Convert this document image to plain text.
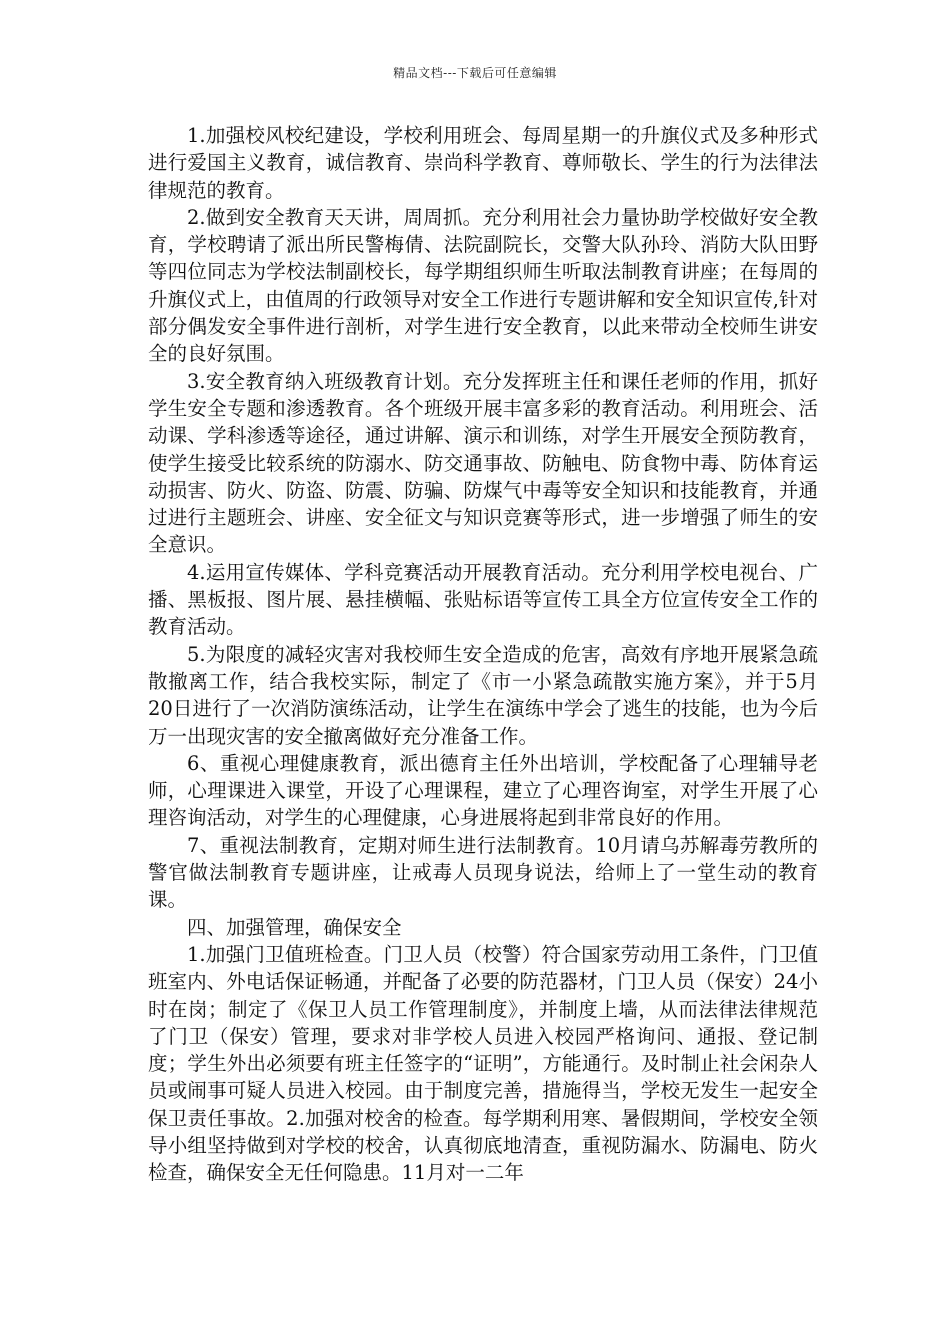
精品文档---下载后可任意编辑

1.加强校风校纪建设，学校利用班会、每周星期一的升旗仪式及多种形式进行爱国主义教育，诚信教育、崇尚科学教育、尊师敬长、学生的行为法律法律规范的教育。

2.做到安全教育天天讲，周周抓。充分利用社会力量协助学校做好安全教育，学校聘请了派出所民警梅倩、法院副院长，交警大队孙玲、消防大队田野等四位同志为学校法制副校长，每学期组织师生听取法制教育讲座；在每周的升旗仪式上，由值周的行政领导对安全工作进行专题讲解和安全知识宣传,针对部分偶发安全事件进行剖析，对学生进行安全教育，以此来带动全校师生讲安全的良好氛围。

3.安全教育纳入班级教育计划。充分发挥班主任和课任老师的作用，抓好学生安全专题和渗透教育。各个班级开展丰富多彩的教育活动。利用班会、活动课、学科渗透等途径，通过讲解、演示和训练，对学生开展安全预防教育，使学生接受比较系统的防溺水、防交通事故、防触电、防食物中毒、防体育运动损害、防火、防盗、防震、防骗、防煤气中毒等安全知识和技能教育，并通过进行主题班会、讲座、安全征文与知识竞赛等形式，进一步增强了师生的安全意识。

4.运用宣传媒体、学科竞赛活动开展教育活动。充分利用学校电视台、广播、黑板报、图片展、悬挂横幅、张贴标语等宣传工具全方位宣传安全工作的教育活动。

5.为限度的减轻灾害对我校师生安全造成的危害，高效有序地开展紧急疏散撤离工作，结合我校实际，制定了《市一小紧急疏散实施方案》，并于5月20日进行了一次消防演练活动，让学生在演练中学会了逃生的技能，也为今后万一出现灾害的安全撤离做好充分准备工作。

6、重视心理健康教育，派出德育主任外出培训，学校配备了心理辅导老师，心理课进入课堂，开设了心理课程，建立了心理咨询室，对学生开展了心理咨询活动，对学生的心理健康，心身进展将起到非常良好的作用。

7、重视法制教育，定期对师生进行法制教育。10月请乌苏解毒劳教所的警官做法制教育专题讲座，让戒毒人员现身说法，给师上了一堂生动的教育课。

四、加强管理，确保安全

1.加强门卫值班检查。门卫人员（校警）符合国家劳动用工条件，门卫值班室内、外电话保证畅通，并配备了必要的防范器材，门卫人员（保安）24小时在岗；制定了《保卫人员工作管理制度》，并制度上墙，从而法律法律规范了门卫（保安）管理，要求对非学校人员进入校园严格询问、通报、登记制度；学生外出必须要有班主任签字的“证明”，方能通行。及时制止社会闲杂人员或闹事可疑人员进入校园。由于制度完善，措施得当，学校无发生一起安全保卫责任事故。2.加强对校舍的检查。每学期利用寒、暑假期间，学校安全领导小组坚持做到对学校的校舍，认真彻底地清查，重视防漏水、防漏电、防火检查，确保安全无任何隐患。11月对一二年
